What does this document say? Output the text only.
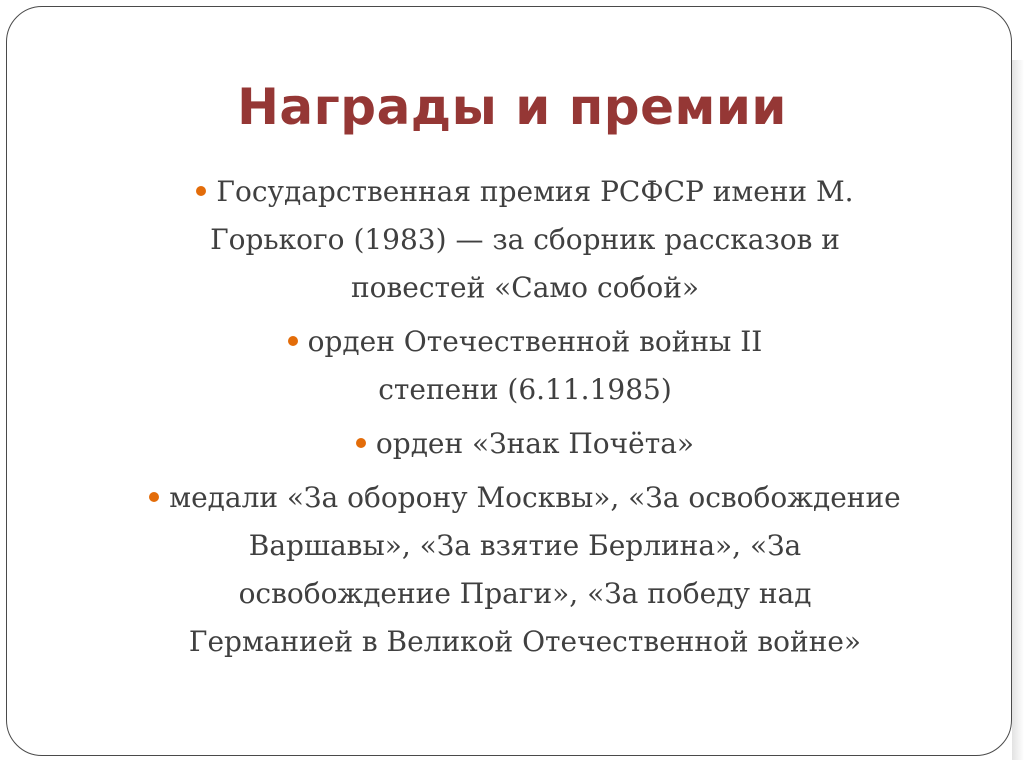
Награды и премии
Государственная премия РСФСР имени М.
Горького (1983) — за сборник рассказов и
повестей «Само собой»
орден Отечественной войны II
степени (6.11.1985)
орден «Знак Почёта»
медали «За оборону Москвы», «За освобождение
Варшавы», «За взятие Берлина», «За
освобождение Праги», «За победу над
Германией в Великой Отечественной войне»
